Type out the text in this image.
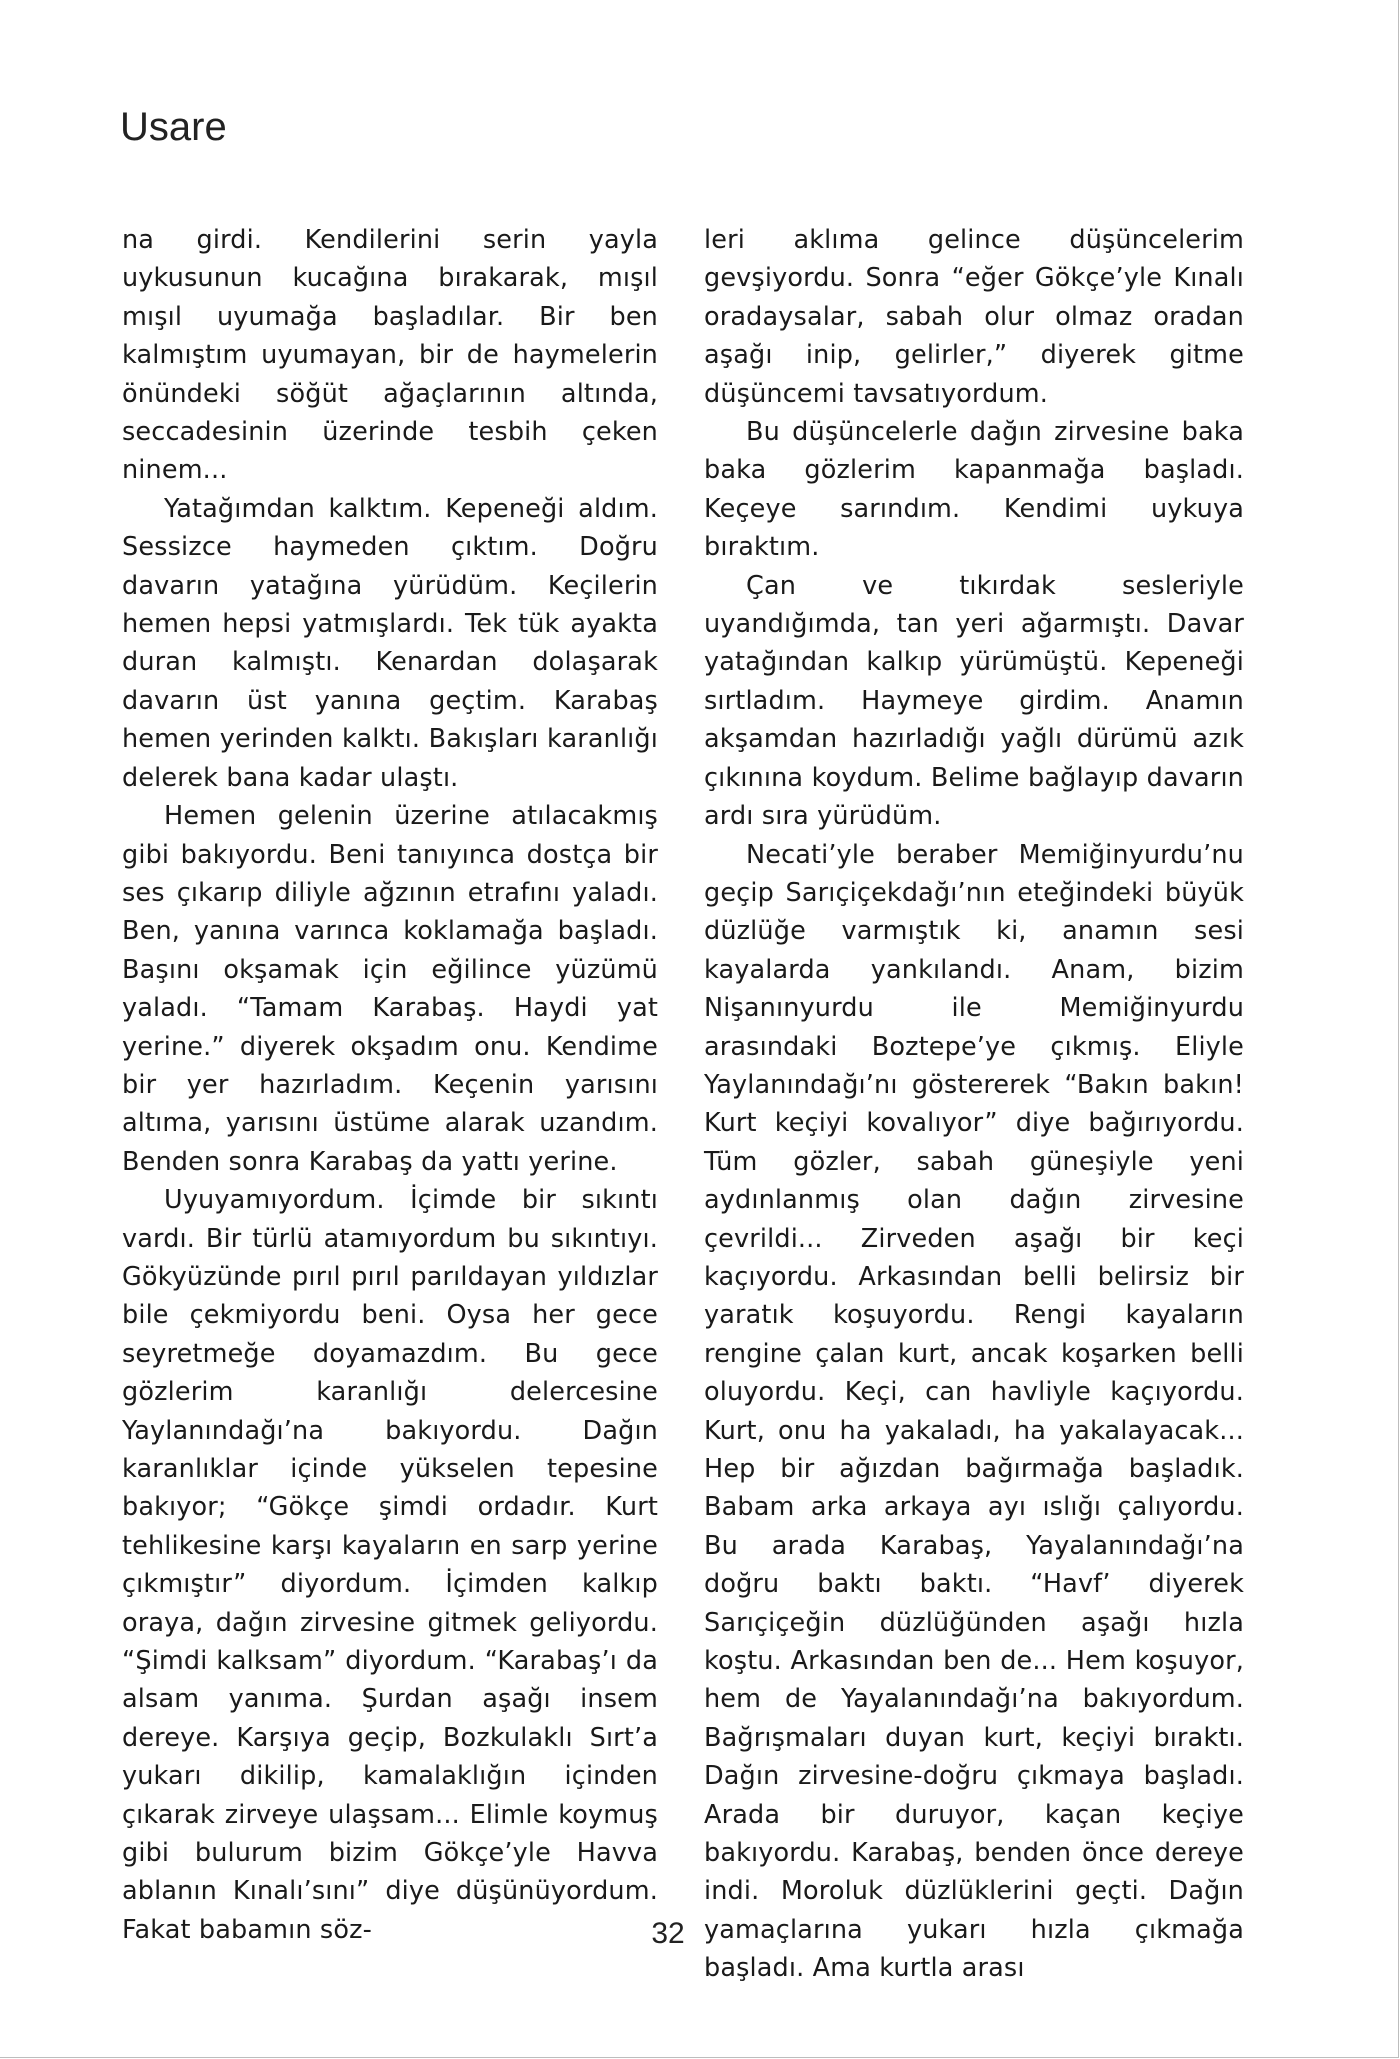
Usare

na girdi. Kendilerini serin yayla uykusunun kucağına bırakarak, mışıl mışıl uyumağa başladılar. Bir ben kalmıştım uyumayan, bir de haymelerin önündeki söğüt ağaçlarının altında, seccadesinin üzerinde tesbih çeken ninem...

Yatağımdan kalktım. Kepeneği aldım. Sessizce haymeden çıktım. Doğru davarın yatağına yürüdüm. Keçilerin hemen hepsi yatmışlardı. Tek tük ayakta duran kalmıştı. Kenardan dolaşarak davarın üst yanına geçtim. Karabaş hemen yerinden kalktı. Bakışları karanlığı delerek bana kadar ulaştı.

Hemen gelenin üzerine atılacakmış gibi bakıyordu. Beni tanıyınca dostça bir ses çıkarıp diliyle ağzının etrafını yaladı. Ben, yanına varınca koklamağa başladı. Başını okşamak için eğilince yüzümü yaladı. “Tamam Karabaş. Haydi yat yerine.” diyerek okşadım onu. Kendime bir yer hazırladım. Keçenin yarısını altıma, yarısını üstüme alarak uzandım. Benden sonra Karabaş da yattı yerine.

Uyuyamıyordum. İçimde bir sıkıntı vardı. Bir türlü atamıyordum bu sıkıntıyı. Gökyüzünde pırıl pırıl parıldayan yıldızlar bile çekmiyordu beni. Oysa her gece seyretmeğe doyamazdım. Bu gece gözlerim karanlığı delercesine Yaylanındağı’na bakıyordu. Dağın karanlıklar içinde yükselen tepesine bakıyor; “Gökçe şimdi ordadır. Kurt tehlikesine karşı kayaların en sarp yerine çıkmıştır” diyordum. İçimden kalkıp oraya, dağın zirvesine gitmek geliyordu. “Şimdi kalksam” diyordum. “Karabaş’ı da alsam yanıma. Şurdan aşağı insem dereye. Karşıya geçip, Bozkulaklı Sırt’a yukarı dikilip, kamalaklığın içinden çıkarak zirveye ulaşsam... Elimle koymuş gibi bulurum bizim Gökçe’yle Havva ablanın Kınalı’sını” diye düşünüyordum. Fakat babamın söz-

leri aklıma gelince düşüncelerim gevşiyordu. Sonra “eğer Gökçe’yle Kınalı oradaysalar, sabah olur olmaz oradan aşağı inip, gelirler,” diyerek gitme düşüncemi tavsatıyordum.

Bu düşüncelerle dağın zirvesine baka baka gözlerim kapanmağa başladı. Keçeye sarındım. Kendimi uykuya bıraktım.

Çan ve tıkırdak sesleriyle uyandığımda, tan yeri ağarmıştı. Davar yatağından kalkıp yürümüştü. Kepeneği sırtladım. Haymeye girdim. Anamın akşamdan hazırladığı yağlı dürümü azık çıkınına koydum. Belime bağlayıp davarın ardı sıra yürüdüm.

Necati’yle beraber Memiğinyurdu’nu geçip Sarıçiçekdağı’nın eteğindeki büyük düzlüğe varmıştık ki, anamın sesi kayalarda yankılandı. Anam, bizim Nişanınyurdu ile Memiğinyurdu arasındaki Boztepe’ye çıkmış. Eliyle Yaylanındağı’nı göstererek “Bakın bakın! Kurt keçiyi kovalıyor” diye bağırıyordu. Tüm gözler, sabah güneşiyle yeni aydınlanmış olan dağın zirvesine çevrildi... Zirveden aşağı bir keçi kaçıyordu. Arkasından belli belirsiz bir yaratık koşuyordu. Rengi kayaların rengine çalan kurt, ancak koşarken belli oluyordu. Keçi, can havliyle kaçıyordu. Kurt, onu ha yakaladı, ha yakalayacak... Hep bir ağızdan bağırmağa başladık. Babam arka arkaya ayı ıslığı çalıyordu. Bu arada Karabaş, Yayalanındağı’na doğru baktı baktı. “Havf’ diyerek Sarıçiçeğin düzlüğünden aşağı hızla koştu. Arkasından ben de... Hem koşuyor, hem de Yayalanındağı’na bakıyordum. Bağrışmaları duyan kurt, keçiyi bıraktı. Dağın zirvesine-doğru çıkmaya başladı. Arada bir duruyor, kaçan keçiye bakıyordu. Karabaş, benden önce dereye indi. Moroluk düzlüklerini geçti. Dağın yamaçlarına yukarı hızla çıkmağa başladı. Ama kurtla arası

32
